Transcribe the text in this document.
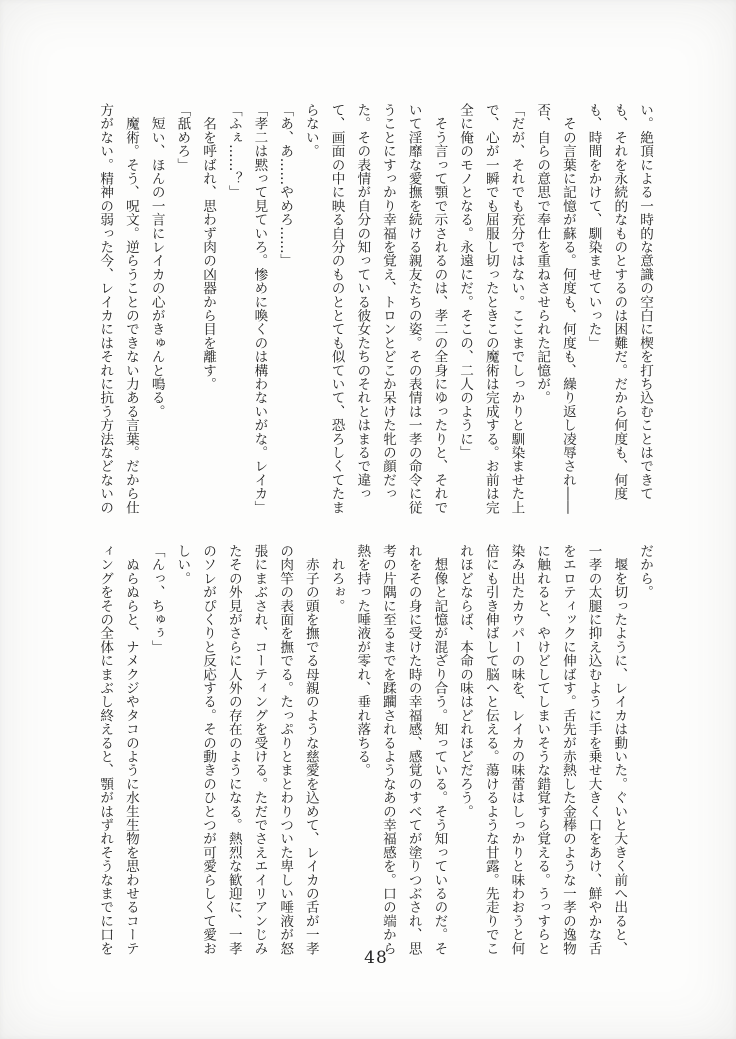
い。絶頂による一時的な意識の空白に楔を打ち込むことはできて

も、それを永続的なものとするのは困難だ。だから何度も、何度

も、時間をかけて、馴染ませていった」

　その言葉に記憶が蘇る。何度も、何度も、繰り返し凌辱され――

否、自らの意思で奉仕を重ねさせられた記憶が。

「だが、それでも充分ではない。ここまでしっかりと馴染ませた上

で、心が一瞬でも屈服し切ったときこの魔術は完成する。お前は完

全に俺のモノとなる。永遠にだ。そこの、二人のように」

　そう言って顎で示されるのは、孝二の全身にゆったりと、それで

いて淫靡な愛撫を続ける親友たちの姿。その表情は一孝の命令に従

うことにすっかり幸福を覚え、トロンとどこか呆けた牝の顔だっ

た。その表情が自分の知っている彼女たちのそれとはまるで違っ

て、画面の中に映る自分のものととても似ていて、恐ろしくてたま

らない。

「あ、あ……やめろ……」

「孝二は黙って見ていろ。惨めに喚くのは構わないがな。レイカ」

「ふぇ……？」

　名を呼ばれ、思わず肉の凶器から目を離す。

「舐めろ」

　短い、ほんの一言にレイカの心がきゅんと鳴る。

　魔術。そう、呪文。逆らうことのできない力ある言葉。だから仕

方がない。精神の弱った今、レイカにはそれに抗う方法などないの

だから。

　堰を切ったように、レイカは動いた。ぐいと大きく前へ出ると、

一孝の太腿に抑え込むように手を乗せ大きく口をあけ、鮮やかな舌

をエロティックに伸ばす。舌先が赤熱した金棒のような一孝の逸物

に触れると、やけどしてしまいそうな錯覚すら覚える。うっすらと

染み出たカウパーの味を、レイカの味蕾はしっかりと味わおうと何

倍にも引き伸ばして脳へと伝える。蕩けるような甘露。先走りでこ

れほどならば、本命の味はどれほどだろう。

　想像と記憶が混ざり合う。知っている。そう知っているのだ。そ

れをその身に受けた時の幸福感、感覚のすべてが塗りつぶされ、思

考の片隅に至るまでを蹂躙されるようなあの幸福感を。口の端から

熱を持った唾液が零れ、垂れ落ちる。

　れろぉ。

　赤子の頭を撫でる母親のような慈愛を込めて、レイカの舌が一孝

の肉竿の表面を撫でる。たっぷりとまとわりついた卑しい唾液が怒

張にまぶされ、コーティングを受ける。ただでさえエイリアンじみ

たその外見がさらに人外の存在のようになる。熱烈な歓迎に、一孝

のソレがぴくりと反応する。その動きのひとつが可愛らしくて愛お

しい。

「んっ、ちゅぅ」

　ぬらぬらと、ナメクジやタコのように水生生物を思わせるコーテ

ィングをその全体にまぶし終えると、顎がはずれそうなまでに口を

48
